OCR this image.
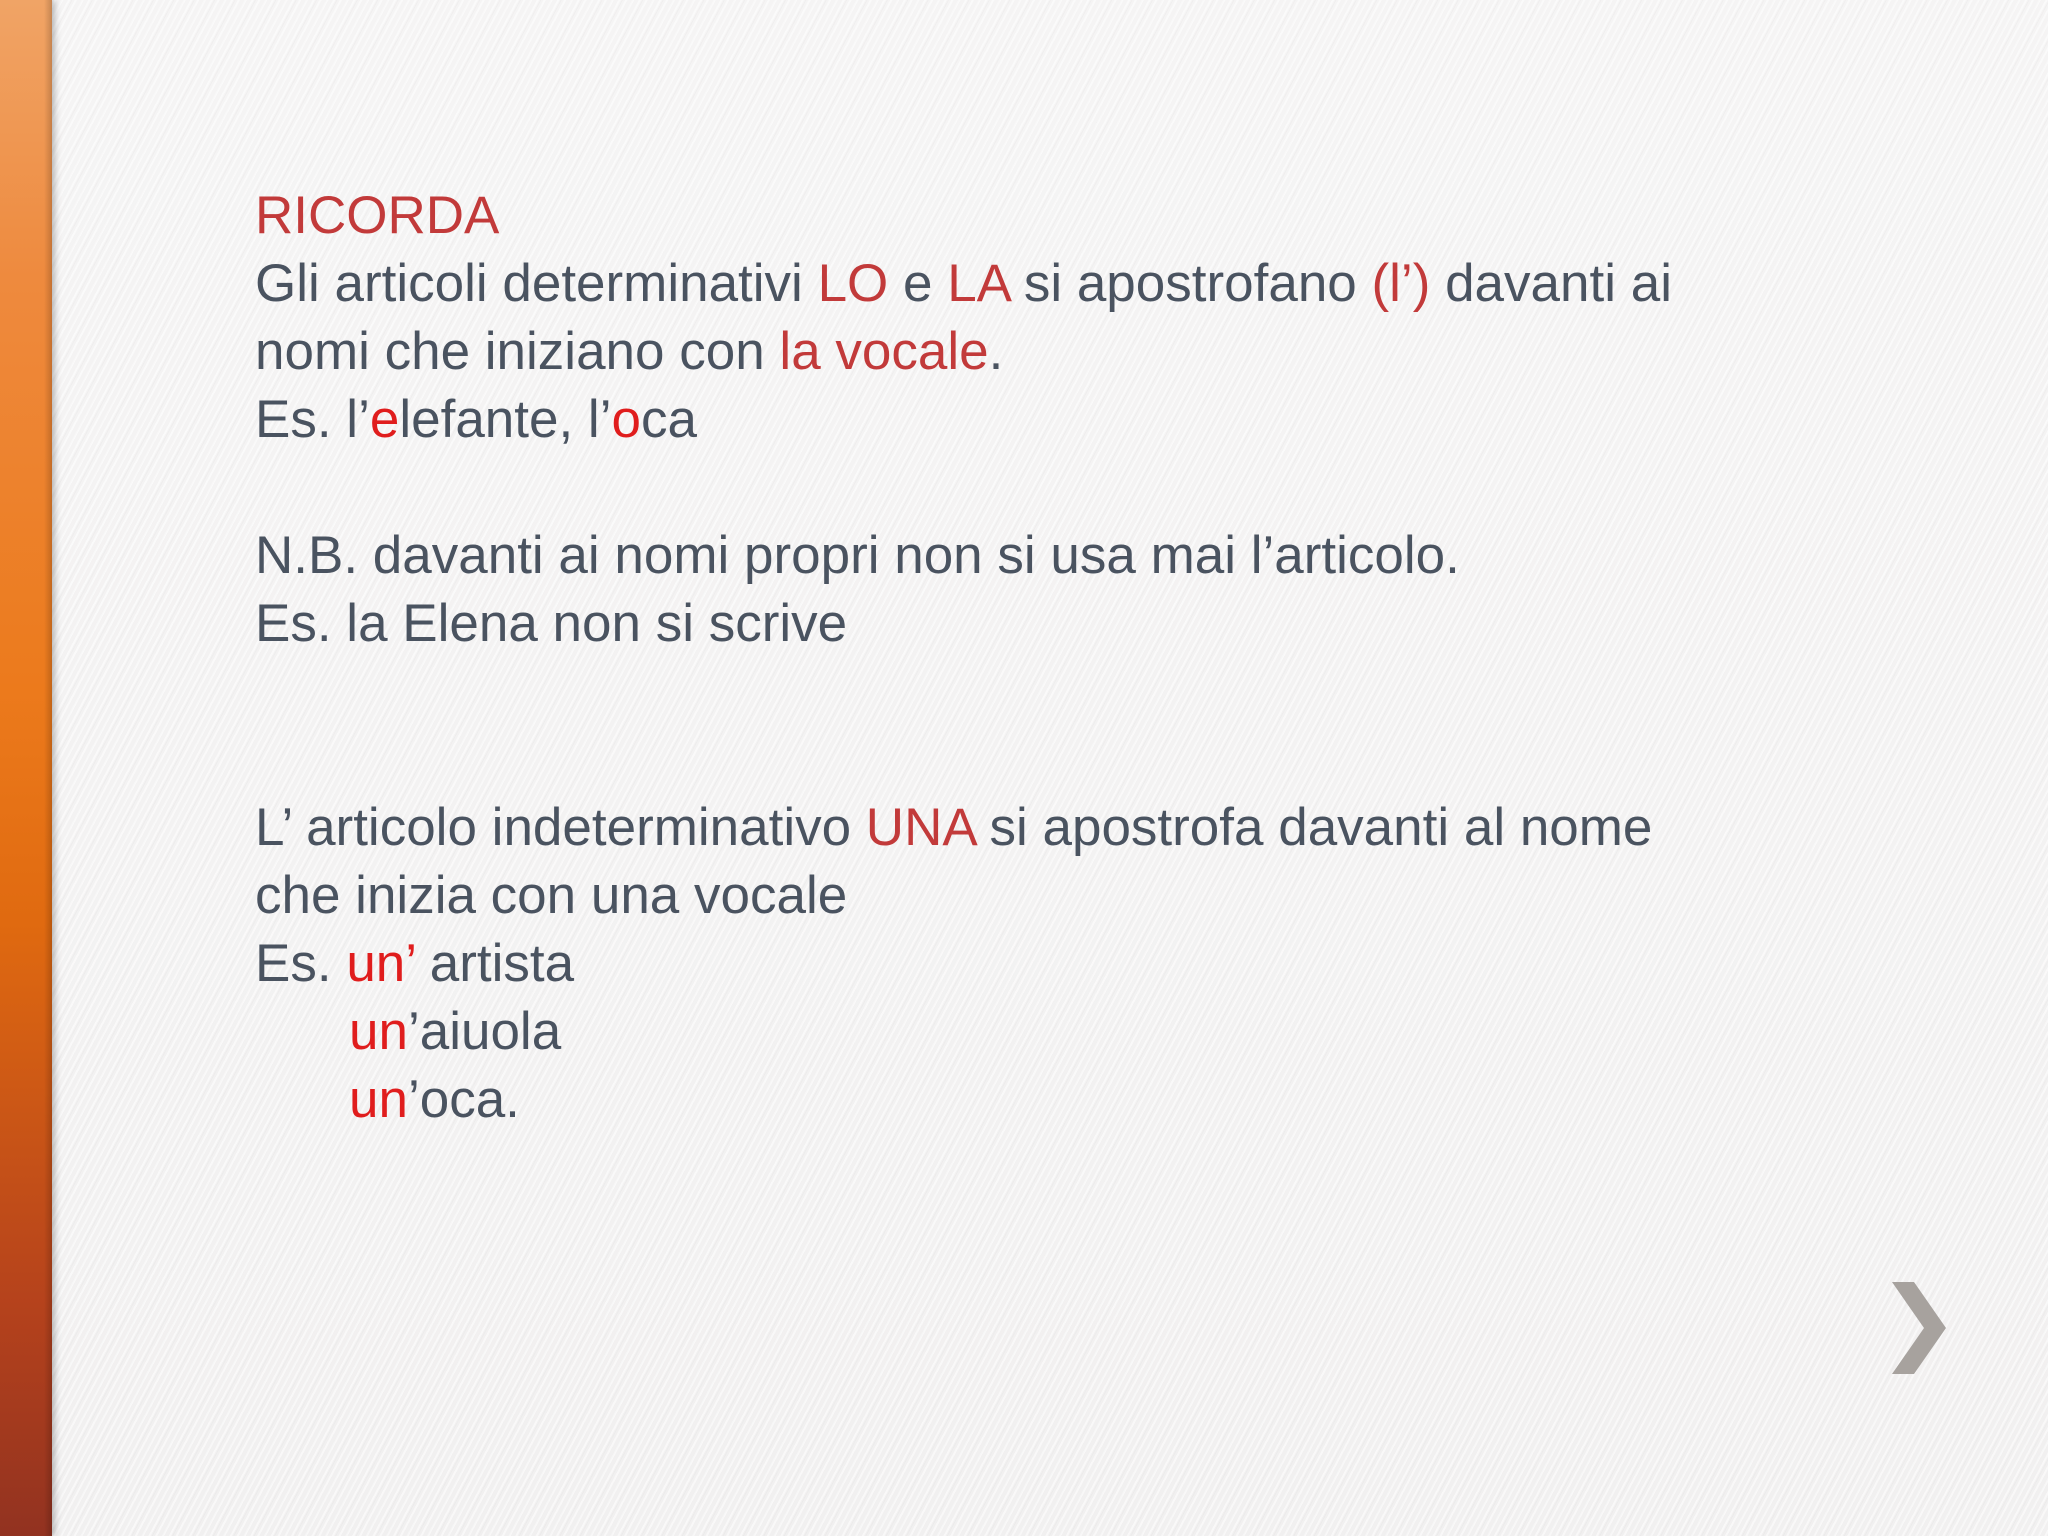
RICORDA
Gli articoli determinativi LO e LA si apostrofano (l’) davanti ai
nomi che iniziano con la vocale.
Es. l’elefante, l’oca
N.B. davanti ai nomi propri non si usa mai l’articolo.
Es. la Elena non si scrive
L’ articolo indeterminativo UNA si apostrofa davanti al nome
che inizia con una vocale
Es. un’ artista
un’aiuola
un’oca.
